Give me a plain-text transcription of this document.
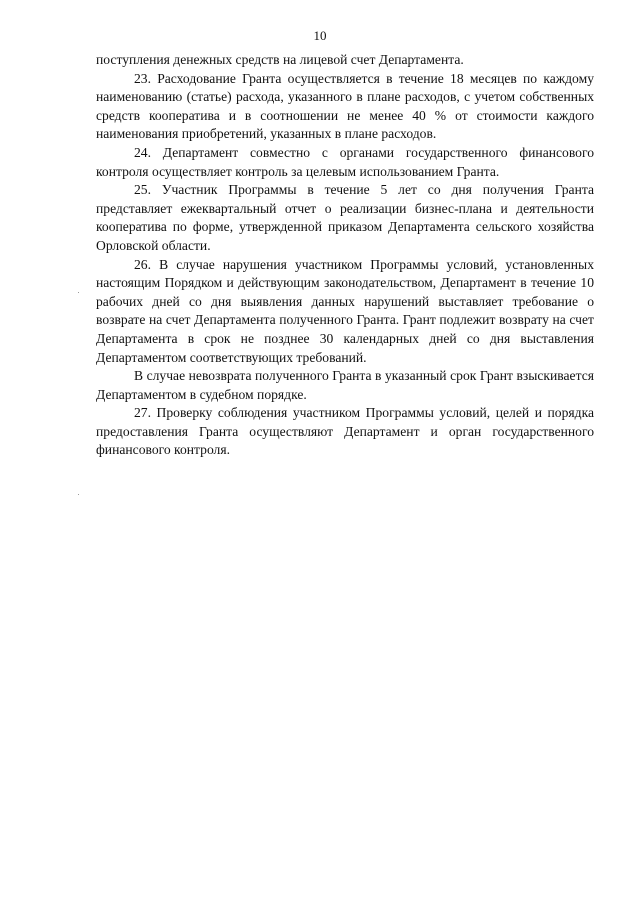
10

поступления денежных средств на лицевой счет Департамента.

23. Расходование Гранта осуществляется в течение 18 месяцев по каждому наименованию (статье) расхода, указанного в плане расходов, с учетом собственных средств кооператива и в соотношении не менее 40 % от стоимости каждого наименования приобретений, указанных в плане расходов.

24. Департамент совместно с органами государственного финансового контроля осуществляет контроль за целевым использованием Гранта.

25. Участник Программы в течение 5 лет со дня получения Гранта представляет ежеквартальный отчет о реализации бизнес-плана и деятельности кооператива по форме, утвержденной приказом Департамента сельского хозяйства Орловской области.

26. В случае нарушения участником Программы условий, установленных настоящим Порядком и действующим законодательством, Департамент в течение 10 рабочих дней со дня выявления данных нарушений выставляет требование о возврате на счет Департамента полученного Гранта. Грант подлежит возврату на счет Департамента в срок не позднее 30 календарных дней со дня выставления Департаментом соответствующих требований.

В случае невозврата полученного Гранта в указанный срок Грант взыскивается Департаментом в судебном порядке.

27. Проверку соблюдения участником Программы условий, целей и порядка предоставления Гранта осуществляют Департамент и орган государственного финансового контроля.
